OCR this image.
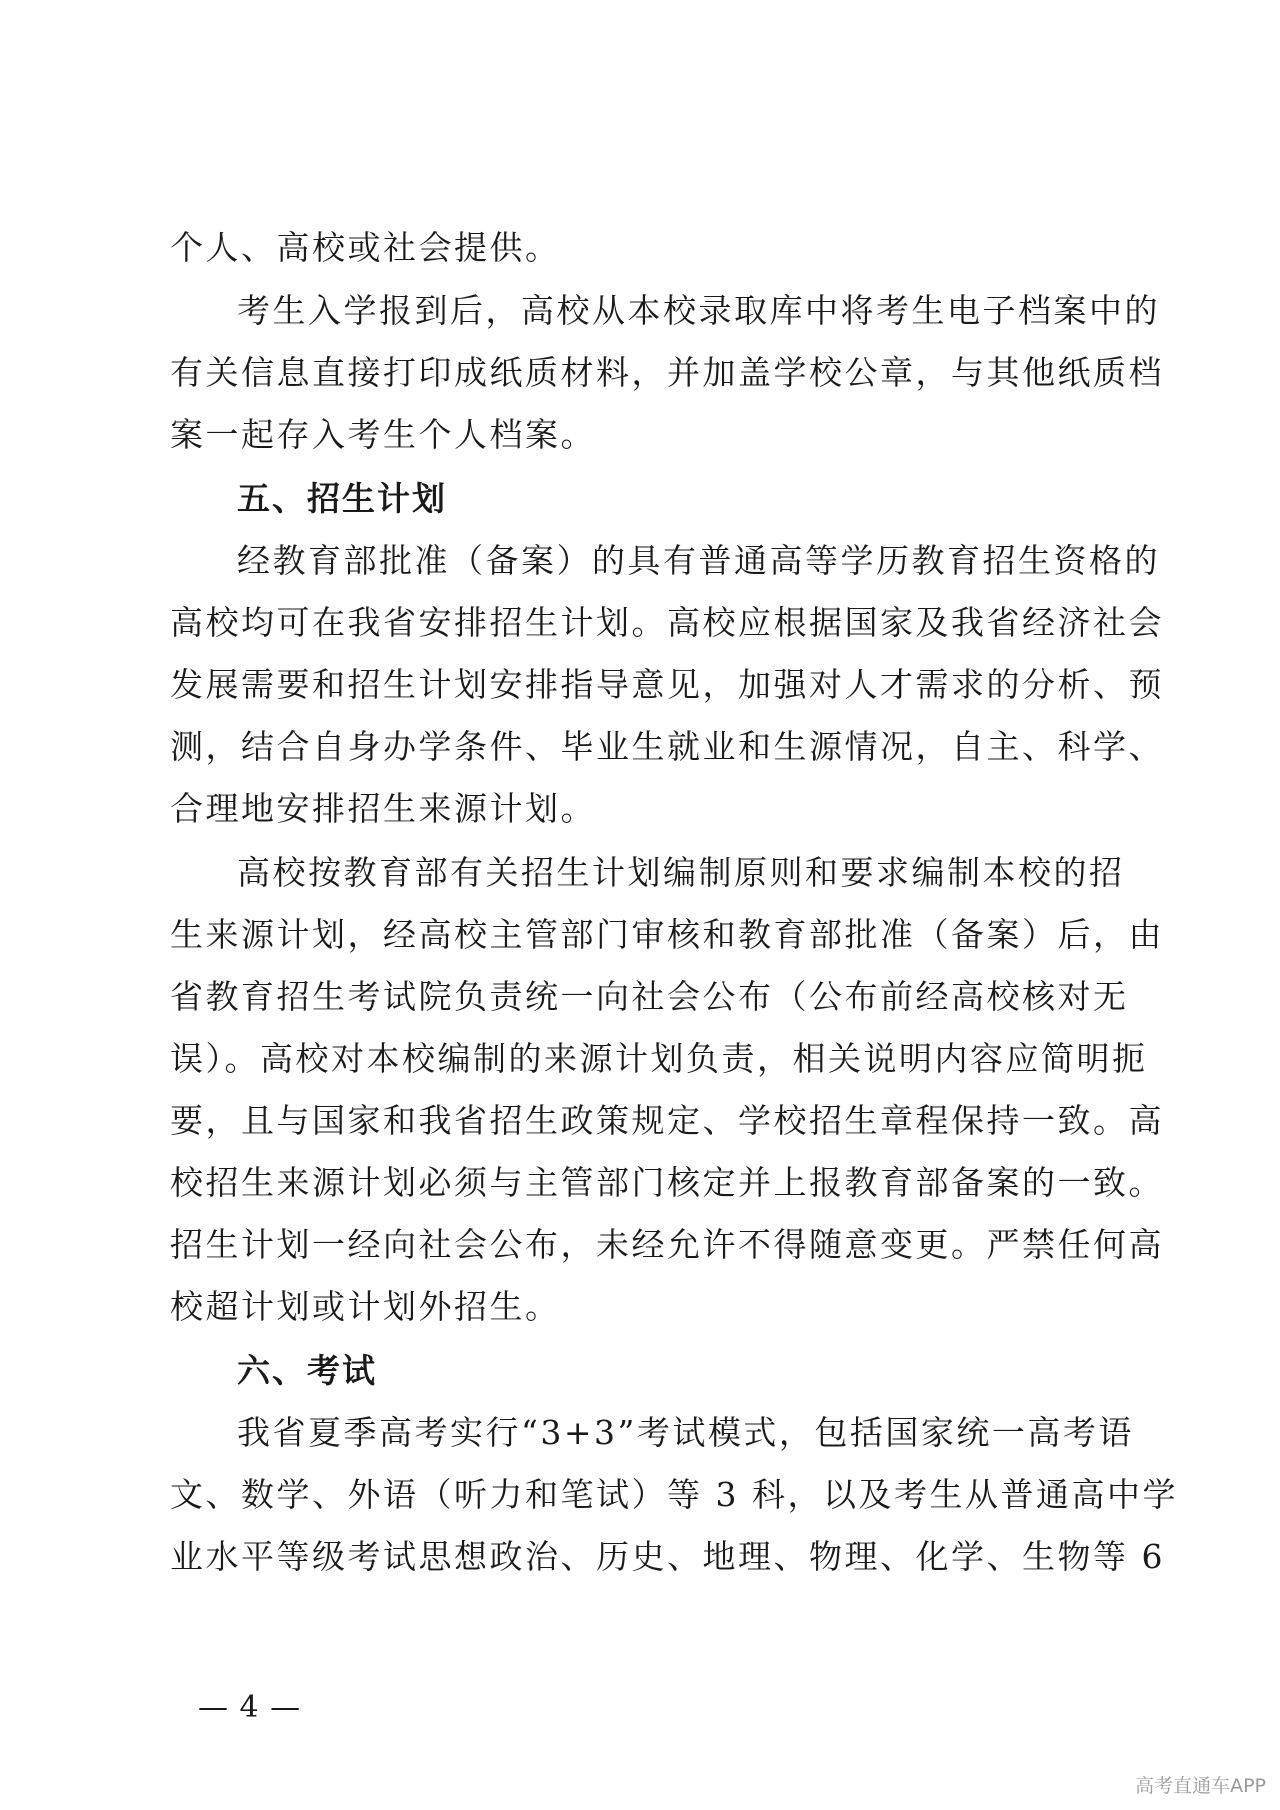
个人、高校或社会提供。
考生入学报到后，高校从本校录取库中将考生电子档案中的
有关信息直接打印成纸质材料，并加盖学校公章，与其他纸质档
案一起存入考生个人档案。
五、招生计划
经教育部批准（备案）的具有普通高等学历教育招生资格的
高校均可在我省安排招生计划。高校应根据国家及我省经济社会
发展需要和招生计划安排指导意见，加强对人才需求的分析、预
测，结合自身办学条件、毕业生就业和生源情况，自主、科学、
合理地安排招生来源计划。
高校按教育部有关招生计划编制原则和要求编制本校的招
生来源计划，经高校主管部门审核和教育部批准（备案）后，由
省教育招生考试院负责统一向社会公布（公布前经高校核对无
误）。高校对本校编制的来源计划负责，相关说明内容应简明扼
要，且与国家和我省招生政策规定、学校招生章程保持一致。高
校招生来源计划必须与主管部门核定并上报教育部备案的一致。
招生计划一经向社会公布，未经允许不得随意变更。严禁任何高
校超计划或计划外招生。
六、考试
我省夏季高考实行“3+3”考试模式，包括国家统一高考语
文、数学、外语（听力和笔试）等 3 科，以及考生从普通高中学
业水平等级考试思想政治、历史、地理、物理、化学、生物等 6
— 4 —
高考直通车APP
